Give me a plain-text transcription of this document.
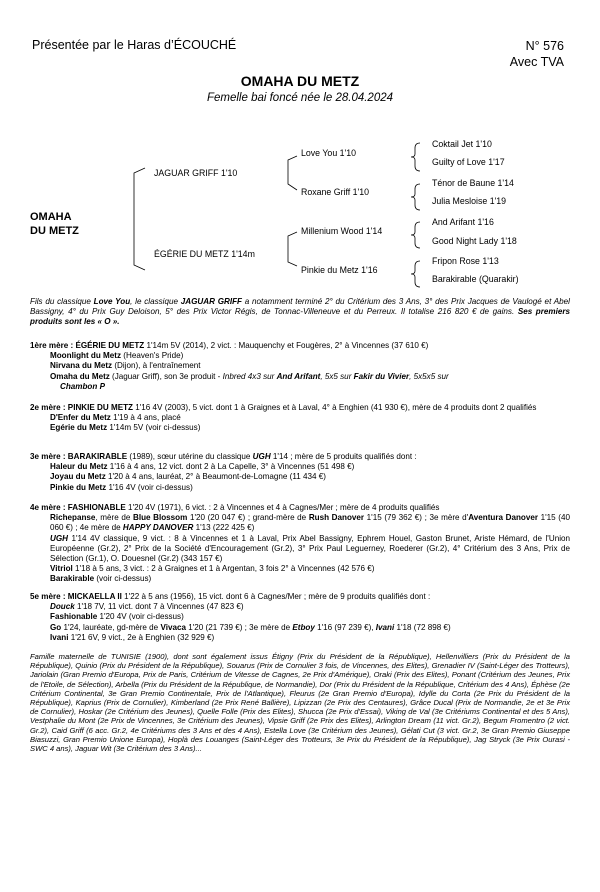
Présentée par le Haras d’ÉCOUCHÉ	N° 576
Avec TVA
OMAHA DU METZ
Femelle bai foncé née le 28.04.2024
OMAHA
DU METZ
JAGUAR GRIFF 1'10
ÉGÉRIE DU METZ 1'14m
Love You 1'10
Roxane Griff 1'10
Millenium Wood 1'14
Pinkie du Metz 1'16
Coktail Jet 1'10
Guilty of Love 1'17
Ténor de Baune 1'14
Julia Mesloise 1'19
And Arifant 1'16
Good Night Lady 1'18
Fripon Rose 1'13
Barakirable (Quarakir)
Fils du classique Love You, le classique JAGUAR GRIFF a notamment terminé 2° du Critérium des 3 Ans, 3° des Prix Jacques de Vaulogé et Abel Bassigny, 4° du Prix Guy Deloison, 5° des Prix Victor Régis, de Tonnac-Villeneuve et du Perreux. Il totalise 216 820 € de gains. Ses premiers produits sont les « O ».
1ère mère : ÉGÉRIE DU METZ 1'14m 5V (2014), 2 vict. : Mauquenchy et Fougères, 2° à Vincennes (37 610 €)
Moonlight du Metz (Heaven's Pride)
Nirvana du Metz (Dijon), à l'entraînement
Omaha du Metz (Jaguar Griff), son 3e produit - Inbred 4x3 sur And Arifant, 5x5 sur Fakir du Vivier, 5x5x5 sur
Chambon P
2e mère : PINKIE DU METZ 1'16 4V (2003), 5 vict. dont 1 à Graignes et à Laval, 4° à Enghien (41 930 €), mère de 4 produits dont 2 qualifiés
D'Enfer du Metz 1'19 à 4 ans, placé
Egérie du Metz 1'14m 5V (voir ci-dessus)
3e mère : BARAKIRABLE (1989), sœur utérine du classique UGH 1'14 ; mère de 5 produits qualifiés dont :
Haleur du Metz 1'16 à 4 ans, 12 vict. dont 2 à La Capelle, 3° à Vincennes (51 498 €)
Joyau du Metz 1'20 à 4 ans, lauréat, 2° à Beaumont-de-Lomagne (11 434 €)
Pinkie du Metz 1'16 4V (voir ci-dessus)
4e mère : FASHIONABLE 1'20 4V (1971), 6 vict. : 2 à Vincennes et 4 à Cagnes/Mer ; mère de 4 produits qualifiés
Richepanse, mère de Blue Blossom 1'20 (20 047 €) ; grand-mère de Rush Danover 1'15 (79 362 €) ; 3e mère d'Aventura Danover 1'15 (40 060 €) ; 4e mère de HAPPY DANOVER 1'13 (222 425 €)
UGH 1'14 4V classique, 9 vict. : 8 à Vincennes et 1 à Laval, Prix Abel Bassigny, Ephrem Houel, Gaston Brunet, Ariste Hémard, de l'Union Européenne (Gr.2), 2° Prix de la Société d'Encouragement (Gr.2), 3° Prix Paul Leguerney, Roederer (Gr.2), 4° Critérium des 3 Ans, Prix de Sélection (Gr.1), O. Douesnel (Gr.2) (343 157 €)
Vitriol 1'18 à 5 ans, 3 vict. : 2 à Graignes et 1 à Argentan, 3 fois 2° à Vincennes (42 576 €)
Barakirable (voir ci-dessus)
5e mère : MICKAELLA II 1'22 à 5 ans (1956), 15 vict. dont 6 à Cagnes/Mer ; mère de 9 produits qualifiés dont :
Douck 1'18 7V, 11 vict. dont 7 à Vincennes (47 823 €)
Fashionable 1'20 4V (voir ci-dessus)
Go 1'24, lauréate, gd-mère de Vivaca 1'20 (21 739 €) ; 3e mère de Etboy 1'16 (97 239 €), Ivani 1'18 (72 898 €)
Ivani 1'21 6V, 9 vict., 2e à Enghien (32 929 €)
Famille maternelle de TUNISIE (1900), dont sont également issus Étigny (Prix du Président de la République), Hellenvilliers (Prix du Président de la République), Quinio (Prix du Président de la République), Souarus (Prix de Cornulier 3 fois, de Vincennes, des Elites), Grenadier IV (Saint-Léger des Trotteurs), Jariolain (Gran Premio d'Europa, Prix de Paris, Critérium de Vitesse de Cagnes, 2e Prix d'Amérique), Oraki (Prix des Elites), Ponant (Critérium des Jeunes, Prix de l'Etoile, de Sélection), Arbella (Prix du Président de la République, de Normandie), Dor (Prix du Président de la République, Critérium des 4 Ans), Éphèse (2e Critérium Continental, 3e Gran Premio Continentale, Prix de l'Atlantique), Fleurus (2e Gran Premio d'Europa), Idylle du Corta (2e Prix du Président de la République), Kaprius (Prix de Cornulier), Kimberland (2e Prix René Ballière), Lipizzan (2e Prix des Centaures), Grâce Ducal (Prix de Normandie, 2e et 3e Prix de Cornulier), Hoskar (2e Critérium des Jeunes), Quelle Folle (Prix des Elites), Shucca (2e Prix d'Essai), Viking de Val (3e Critériums Continental et des 5 Ans), Vestphalie du Mont (2e Prix de Vincennes, 3e Critérium des Jeunes), Vipsie Griff (2e Prix des Elites), Arlington Dream (11 vict. Gr.2), Begum Fromentro (2 vict. Gr.2), Caid Griff (6 acc. Gr.2, 4e Critériums des 3 Ans et des 4 Ans), Estella Love (3e Critérium des Jeunes), Gélati Cut (3 vict. Gr.2, 3e Gran Premio Giuseppe Biasuzzi, Gran Premio Unione Europa), Hoplà des Louanges (Saint-Léger des Trotteurs, 3e Prix du Président de la République), Jag Stryck (3e Prix Ourasi - SWC 4 ans), Jaguar Wit (3e Critérium des 3 Ans)...
